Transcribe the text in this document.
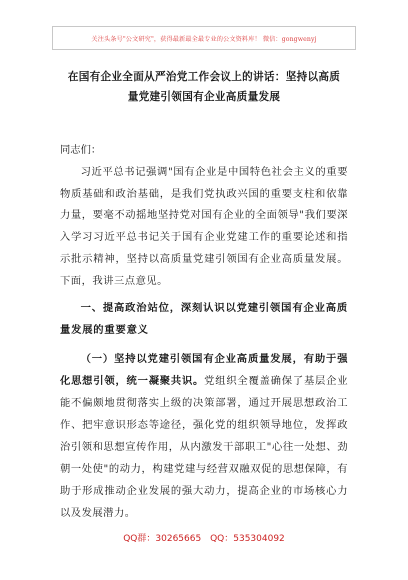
关注头条号"公文研究"，获得最新最全最专业的公文资料库！ 微信：gongwenyj
在国有企业全面从严治党工作会议上的讲话：坚持以高质
量党建引领国有企业高质量发展
同志们：
习近平总书记强调"国有企业是中国特色社会主义的重要物质基础和政治基础，是我们党执政兴国的重要支柱和依靠力量，要毫不动摇地坚持党对国有企业的全面领导"我们要深入学习习近平总书记关于国有企业党建工作的重要论述和指示批示精神，坚持以高质量党建引领国有企业高质量发展。下面，我讲三点意见。
一、提高政治站位，深刻认识以党建引领国有企业高质量发展的重要意义
（一）坚持以党建引领国有企业高质量发展，有助于强化思想引领，统一凝聚共识。党组织全覆盖确保了基层企业能不偏颇地贯彻落实上级的决策部署，通过开展思想政治工作、把牢意识形态等途径，强化党的组织领导地位，发挥政治引领和思想宣传作用，从内激发干部职工"心往一处想、劲朝一处使"的动力，构建党建与经营双融双促的思想保障，有助于形成推动企业发展的强大动力，提高企业的市场核心力以及发展潜力。
QQ群：30265665 QQ：535304092
